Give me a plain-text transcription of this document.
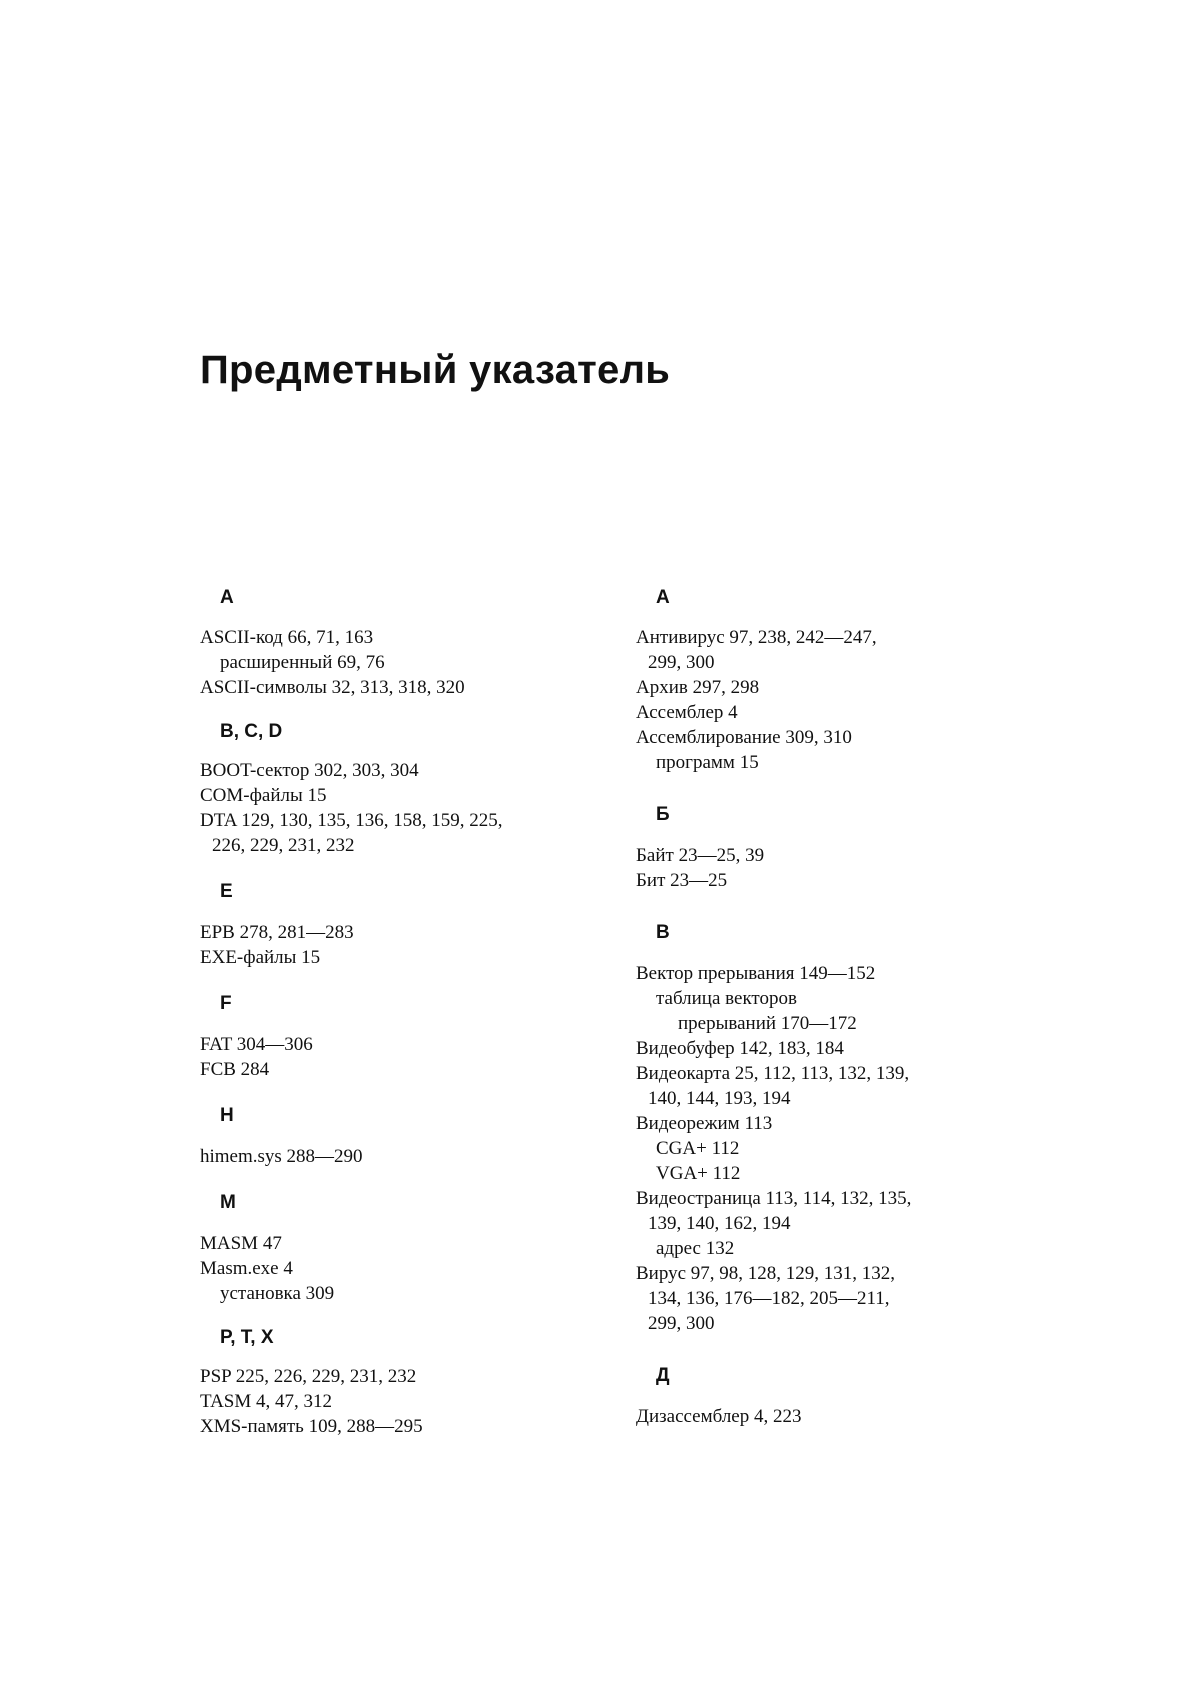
Предметный указатель
A
ASCII-код 66, 71, 163
расширенный 69, 76
ASCII-символы 32, 313, 318, 320
B, C, D
BOOT-сектор 302, 303, 304
COM-файлы 15
DTA 129, 130, 135, 136, 158, 159, 225,
226, 229, 231, 232
E
EPB 278, 281—283
EXE-файлы 15
F
FAT 304—306
FCB 284
H
himem.sys 288—290
M
MASM 47
Masm.exe 4
установка 309
P, T, X
PSP 225, 226, 229, 231, 232
TASM 4, 47, 312
XMS-память 109, 288—295
А
Антивирус 97, 238, 242—247,
299, 300
Архив 297, 298
Ассемблер 4
Ассемблирование 309, 310
программ 15
Б
Байт 23—25, 39
Бит 23—25
В
Вектор прерывания 149—152
таблица векторов
прерываний 170—172
Видеобуфер 142, 183, 184
Видеокарта 25, 112, 113, 132, 139,
140, 144, 193, 194
Видеорежим 113
CGA+ 112
VGA+ 112
Видеостраница 113, 114, 132, 135,
139, 140, 162, 194
адрес 132
Вирус 97, 98, 128, 129, 131, 132,
134, 136, 176—182, 205—211,
299, 300
Д
Дизассемблер 4, 223
